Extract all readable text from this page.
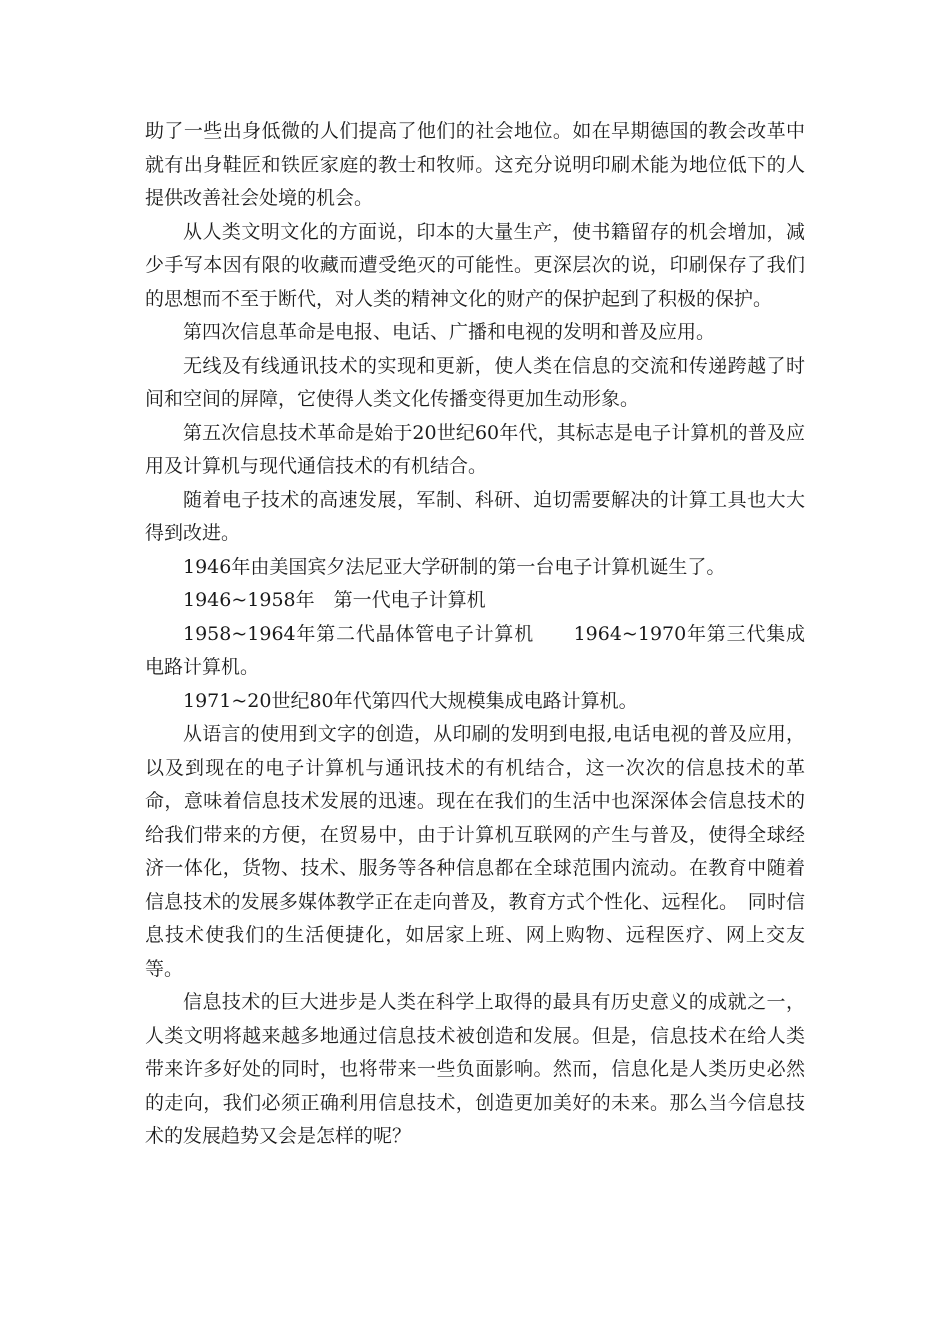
助了一些出身低微的人们提高了他们的社会地位。如在早期德国的教会改革中就有出身鞋匠和铁匠家庭的教士和牧师。这充分说明印刷术能为地位低下的人提供改善社会处境的机会。

从人类文明文化的方面说，印本的大量生产，使书籍留存的机会增加，减少手写本因有限的收藏而遭受绝灭的可能性。更深层次的说，印刷保存了我们的思想而不至于断代，对人类的精神文化的财产的保护起到了积极的保护。

第四次信息革命是电报、电话、广播和电视的发明和普及应用。

无线及有线通讯技术的实现和更新，使人类在信息的交流和传递跨越了时间和空间的屏障，它使得人类文化传播变得更加生动形象。

第五次信息技术革命是始于20世纪60年代，其标志是电子计算机的普及应用及计算机与现代通信技术的有机结合。

随着电子技术的高速发展，军制、科研、迫切需要解决的计算工具也大大得到改进。

1946年由美国宾夕法尼亚大学研制的第一台电子计算机诞生了。

1946~1958年　第一代电子计算机

1958~1964年第二代晶体管电子计算机　　1964~1970年第三代集成电路计算机。

1971~20世纪80年代第四代大规模集成电路计算机。

从语言的使用到文字的创造，从印刷的发明到电报,电话电视的普及应用，以及到现在的电子计算机与通讯技术的有机结合，这一次次的信息技术的革命，意味着信息技术发展的迅速。现在在我们的生活中也深深体会信息技术的给我们带来的方便，在贸易中，由于计算机互联网的产生与普及，使得全球经济一体化，货物、技术、服务等各种信息都在全球范围内流动。在教育中随着信息技术的发展多媒体教学正在走向普及，教育方式个性化、远程化。　同时信息技术使我们的生活便捷化，如居家上班、网上购物、远程医疗、网上交友等。

信息技术的巨大进步是人类在科学上取得的最具有历史意义的成就之一，人类文明将越来越多地通过信息技术被创造和发展。但是，信息技术在给人类带来许多好处的同时，也将带来一些负面影响。然而，信息化是人类历史必然的走向，我们必须正确利用信息技术，创造更加美好的未来。那么当今信息技术的发展趋势又会是怎样的呢？
